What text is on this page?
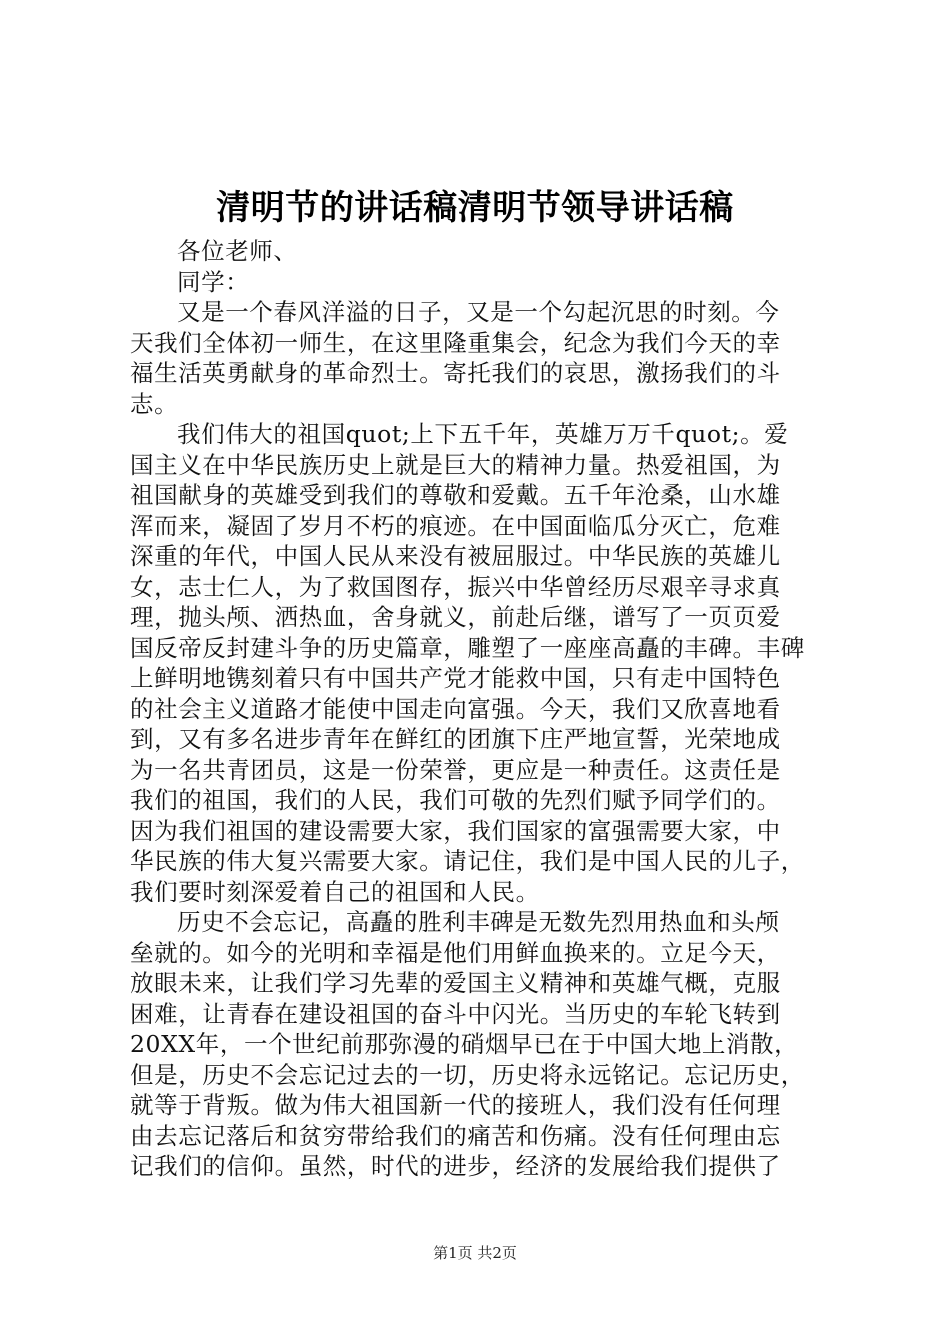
清明节的讲话稿清明节领导讲话稿
各位老师、
同学：
又是一个春风洋溢的日子，又是一个勾起沉思的时刻。今
天我们全体初一师生，在这里隆重集会，纪念为我们今天的幸
福生活英勇献身的革命烈士。寄托我们的哀思，激扬我们的斗
志。
我们伟大的祖国quot;上下五千年，英雄万万千quot;。爱
国主义在中华民族历史上就是巨大的精神力量。热爱祖国，为
祖国献身的英雄受到我们的尊敬和爱戴。五千年沧桑，山水雄
浑而来，凝固了岁月不朽的痕迹。在中国面临瓜分灭亡，危难
深重的年代，中国人民从来没有被屈服过。中华民族的英雄儿
女，志士仁人，为了救国图存，振兴中华曾经历尽艰辛寻求真
理，抛头颅、洒热血，舍身就义，前赴后继，谱写了一页页爱
国反帝反封建斗争的历史篇章，雕塑了一座座高矗的丰碑。丰碑
上鲜明地镌刻着只有中国共产党才能救中国，只有走中国特色
的社会主义道路才能使中国走向富强。今天，我们又欣喜地看
到，又有多名进步青年在鲜红的团旗下庄严地宣誓，光荣地成
为一名共青团员，这是一份荣誉，更应是一种责任。这责任是
我们的祖国，我们的人民，我们可敬的先烈们赋予同学们的。
因为我们祖国的建设需要大家，我们国家的富强需要大家，中
华民族的伟大复兴需要大家。请记住，我们是中国人民的儿子，
我们要时刻深爱着自己的祖国和人民。
历史不会忘记，高矗的胜利丰碑是无数先烈用热血和头颅
垒就的。如今的光明和幸福是他们用鲜血换来的。立足今天，
放眼未来，让我们学习先辈的爱国主义精神和英雄气概，克服
困难，让青春在建设祖国的奋斗中闪光。当历史的车轮飞转到
20XX年，一个世纪前那弥漫的硝烟早已在于中国大地上消散，
但是，历史不会忘记过去的一切，历史将永远铭记。忘记历史，
就等于背叛。做为伟大祖国新一代的接班人，我们没有任何理
由去忘记落后和贫穷带给我们的痛苦和伤痛。没有任何理由忘
记我们的信仰。虽然，时代的进步，经济的发展给我们提供了
第1页 共2页
